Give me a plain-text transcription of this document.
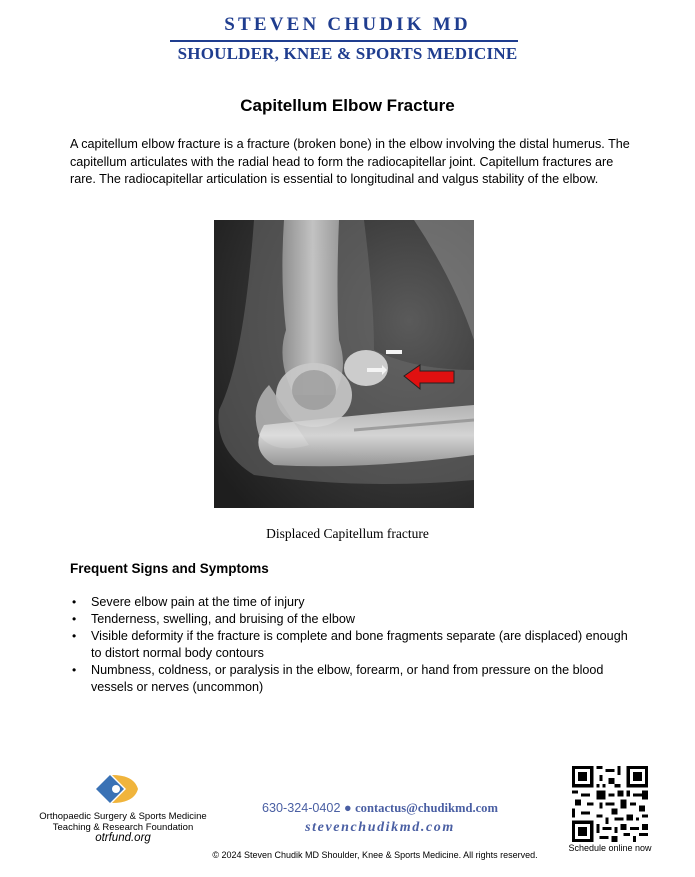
STEVEN CHUDIK MD
SHOULDER, KNEE & SPORTS MEDICINE
Capitellum Elbow Fracture

A capitellum elbow fracture is a fracture (broken bone) in the elbow involving the distal humerus. The capitellum articulates with the radial head to form the radiocapitellar joint. Capitellum fractures are rare. The radiocapitellar articulation is essential to longitudinal and valgus stability of the elbow.

Displaced Capitellum fracture
Frequent Signs and Symptoms
• Severe elbow pain at the time of injury
• Tenderness, swelling, and bruising of the elbow
• Visible deformity if the fracture is complete and bone fragments separate (are displaced) enough to distort normal body contours
• Numbness, coldness, or paralysis in the elbow, forearm, or hand from pressure on the blood vessels or nerves (uncommon)
Orthopaedic Surgery & Sports Medicine
Teaching & Research Foundation
otrfund.org
630-324-0402 ● contactus@chudikmd.com
stevenchudikmd.com
© 2024 Steven Chudik MD Shoulder, Knee & Sports Medicine. All rights reserved.
Schedule online now
